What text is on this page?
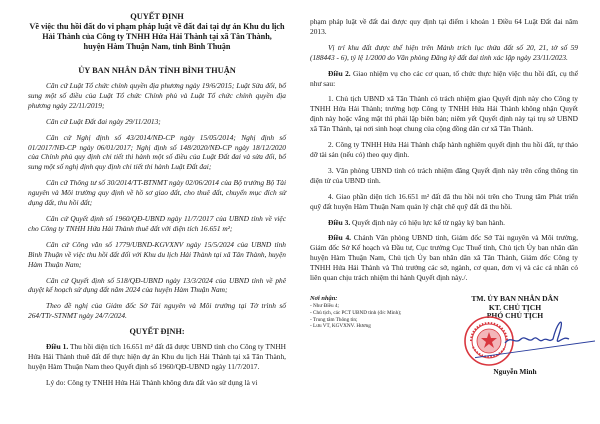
QUYẾT ĐỊNH
Về việc thu hồi đất do vi phạm pháp luật về đất đai tại dự án Khu du lịch
Hải Thành của Công ty TNHH Hứa Hải Thành tại xã Tân Thành,
huyện Hàm Thuận Nam, tỉnh Bình Thuận
ỦY BAN NHÂN DÂN TỈNH BÌNH THUẬN

Căn cứ Luật Tổ chức chính quyền địa phương ngày 19/6/2015; Luật Sửa đổi, bổ sung một số điều của Luật Tổ chức Chính phủ và Luật Tổ chức chính quyền địa phương ngày 22/11/2019;

Căn cứ Luật Đất đai ngày 29/11/2013;

Căn cứ Nghị định số 43/2014/NĐ-CP ngày 15/05/2014; Nghị định số 01/2017/NĐ-CP ngày 06/01/2017; Nghị định số 148/2020/NĐ-CP ngày 18/12/2020 của Chính phủ quy định chi tiết thi hành một số điều của Luật Đất đai và sửa đổi, bổ sung một số nghị định quy định chi tiết thi hành Luật Đất đai;

Căn cứ Thông tư số 30/2014/TT-BTNMT ngày 02/06/2014 của Bộ trưởng Bộ Tài nguyên và Môi trường quy định về hồ sơ giao đất, cho thuê đất, chuyển mục đích sử dụng đất, thu hồi đất;

Căn cứ Quyết định số 1960/QĐ-UBND ngày 11/7/2017 của UBND tỉnh về việc cho Công ty TNHH Hứa Hải Thành thuê đất với diện tích 16.651 m²;

Căn cứ Công văn số 1779/UBND-KGVXNV ngày 15/5/2024 của UBND tỉnh Bình Thuận về việc thu hồi đất đối với Khu du lịch Hải Thành tại xã Tân Thành, huyện Hàm Thuận Nam;

Căn cứ Quyết định số 518/QĐ-UBND ngày 13/3/2024 của UBND tỉnh về phê duyệt kế hoạch sử dụng đất năm 2024 của huyện Hàm Thuận Nam;

Theo đề nghị của Giám đốc Sở Tài nguyên và Môi trường tại Tờ trình số 264/TTr-STNMT ngày 24/7/2024.

QUYẾT ĐỊNH:

Điều 1. Thu hồi diện tích 16.651 m² đất đã được UBND tỉnh cho Công ty TNHH Hứa Hải Thành thuê đất để thực hiện dự án Khu du lịch Hải Thành tại xã Tân Thành, huyện Hàm Thuận Nam theo Quyết định số 1960/QĐ-UBND ngày 11/7/2017.

Lý do: Công ty TNHH Hứa Hải Thành không đưa đất vào sử dụng là vi

phạm pháp luật về đất đai được quy định tại điểm i khoản 1 Điều 64 Luật Đất đai năm 2013.

Vị trí khu đất được thể hiện trên Mảnh trích lục thửa đất số 20, 21, tờ số 59 (188443 - 6), tỷ lệ 1/2000 do Văn phòng Đăng ký đất đai tỉnh xác lập ngày 23/11/2023.

Điều 2. Giao nhiệm vụ cho các cơ quan, tổ chức thực hiện việc thu hồi đất, cụ thể như sau:

1. Chủ tịch UBND xã Tân Thành có trách nhiệm giao Quyết định này cho Công ty TNHH Hứa Hải Thành; trường hợp Công ty TNHH Hứa Hải Thành không nhận Quyết định này hoặc vắng mặt thì phải lập biên bản; niêm yết Quyết định này tại trụ sở UBND xã Tân Thành, tại nơi sinh hoạt chung của cộng đồng dân cư xã Tân Thành.

2. Công ty TNHH Hứa Hải Thành chấp hành nghiêm quyết định thu hồi đất, tự tháo dỡ tài sản (nếu có) theo quy định.

3. Văn phòng UBND tỉnh có trách nhiệm đăng Quyết định này trên cổng thông tin điện tử của UBND tỉnh.

4. Giao phần diện tích 16.651 m² đất đã thu hồi nói trên cho Trung tâm Phát triển quỹ đất huyện Hàm Thuận Nam quản lý chặt chẽ quỹ đất đã thu hồi.

Điều 3. Quyết định này có hiệu lực kể từ ngày ký ban hành.

Điều 4. Chánh Văn phòng UBND tỉnh, Giám đốc Sở Tài nguyên và Môi trường, Giám đốc Sở Kế hoạch và Đầu tư, Cục trưởng Cục Thuế tỉnh, Chủ tịch Ủy ban nhân dân huyện Hàm Thuận Nam, Chủ tịch Ủy ban nhân dân xã Tân Thành, Giám đốc Công ty TNHH Hứa Hải Thành và Thủ trưởng các sở, ngành, cơ quan, đơn vị và các cá nhân có liên quan chịu trách nhiệm thi hành Quyết định này./.

Nơi nhận:
- Như Điều 4;
- Chủ tịch, các PCT UBND tỉnh (đ/c Minh);
- Trung tâm Thông tin;
- Lưu VT, KGVXNV. Hương
TM. ỦY BAN NHÂN DÂN
KT. CHỦ TỊCH
PHÓ CHỦ TỊCH
Nguyễn Minh
